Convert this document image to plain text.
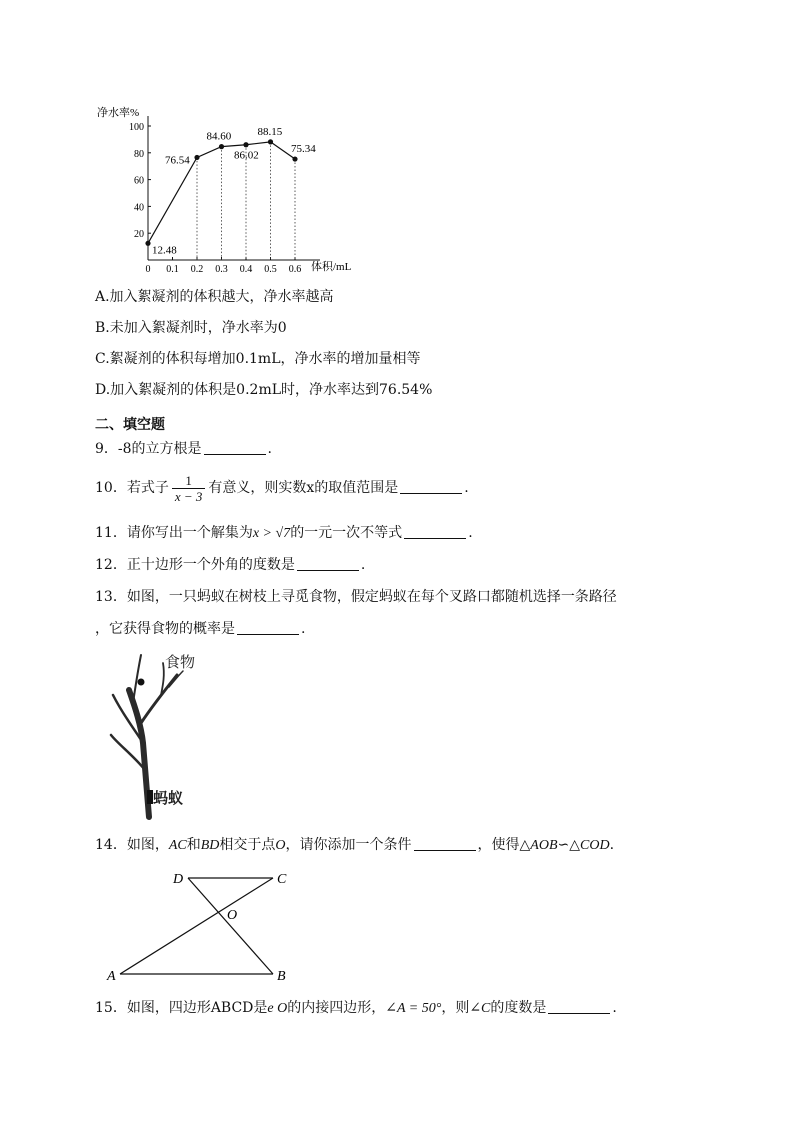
净水率%
0 0.1 0.2 0.3 0.4 0.5 0.6
20
40
60
80
100
12.48
76.54
84.60
86.02
88.15
75.34
体积/mL
A.加入絮凝剂的体积越大，净水率越高
B.未加入絮凝剂时，净水率为0
C.絮凝剂的体积每增加0.1mL，净水率的增加量相等
D.加入絮凝剂的体积是0.2mL时，净水率达到76.54%
二、填空题
9．-8的立方根是	.
10．若式子 $\frac{1}{x - 3}$ 有意义，则实数x的取值范围是	.
11．请你写出一个解集为x > √7的一元一次不等式	.
12．正十边形一个外角的度数是	.
13．如图，一只蚂蚁在树枝上寻觅食物，假定蚂蚁在每个叉路口都随机选择一条路径
，它获得食物的概率是	.
食物
蚂蚁
14．如图，AC和BD相交于点O，请你添加一个条件	，使得△AOB∽△COD.
D	C
O
A	B
15．如图，四边形ABCD是e O的内接四边形，∠A = 50°，则∠C的度数是	.
